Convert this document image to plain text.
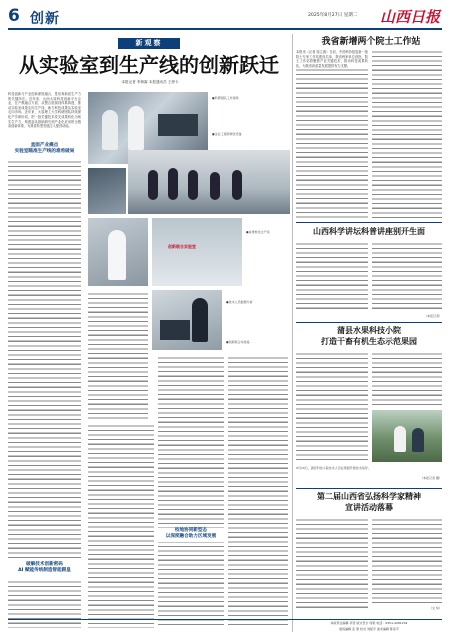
6 创新	2025年8月27日 星期二 山西日报
新观察
从实验室到生产线的创新跃迁
本报记者 李林霖 本报通讯员 王婷卡
科技创新与产业创新深度融合，是培育新质生产力的关键所在。近年来，山西太原科技创新平台企业，在产教融合方面，从整合资源到体系构建，推动实验室成果走向生产线，助力科技成果从实验室走向市场。近年来，太原理工大学科研团队持续深化产学研协同，把一批关键技术攻关成果转化为现实生产力，构建起从基础研究到产业化应用的全链条创新体系，为我省转型发展注入强劲动能。
直面产业痛点
实验室瞄准生产线的难希破局
破解技术创新密码
AI 赋能传统制造智能跟皇
●科研团队工作现场
●企业工程师调试设备
创新联合实验室
●成果转化生产线
●技术人员数据分析
●创新联合实验室
校地协同新型态
以深度融合助力区域发展
我省新增两个院士工作站
本报讯（记者 周立源）日前，中国科协批复新一批院士专家工作站建设名单，我省两家单位获批。院士工作站将聚焦产业关键技术，推动科技成果转化，为我省高质量发展提供有力支撑。
山西科学讲坛科普讲座别开生面
（本报记者）
蒲县水果科技小院
打造干畜有机生态示范果园
8月26日，蒲县科技小院技术人员在果园开展技术指导。
（本报记者 摄）
第二届山西省弘扬科学家精神
宣讲活动落幕
（文 综）
本版责任编辑 李哲 版式设计 何艳 电话：0351-4281234
值班编辑 张 黎 校对 刘星宇 美术编辑 陈彦平
